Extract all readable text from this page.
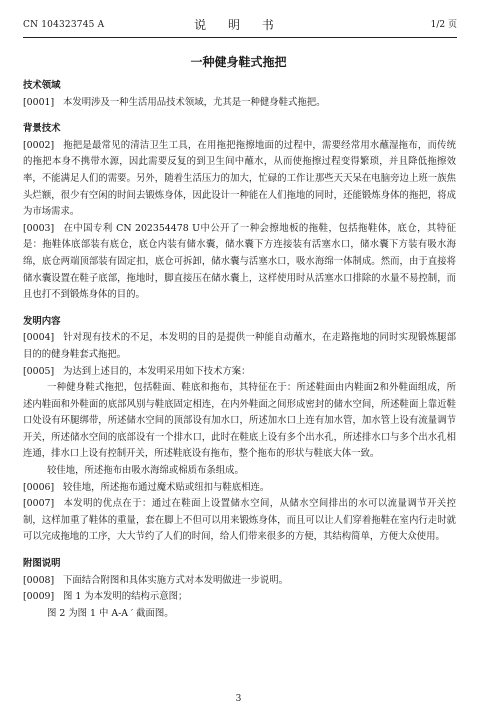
CN 104323745 A	说 明 书	1/2 页
一种健身鞋式拖把
技术领域
[0001] 本发明涉及一种生活用品技术领域，尤其是一种健身鞋式拖把。
背景技术
[0002] 拖把是最常见的清洁卫生工具，在用拖把拖擦地面的过程中，需要经常用水蘸湿拖布，而传统的拖把本身不携带水源，因此需要反复的到卫生间中蘸水，从而使拖擦过程变得繁琐，并且降低拖擦效率，不能满足人们的需要。另外，随着生活压力的加大，忙碌的工作让那些天天呆在电脑旁边上班一族焦头烂额，很少有空闲的时间去锻炼身体，因此设计一种能在人们拖地的同时，还能锻炼身体的拖把，将成为市场需求。
[0003] 在中国专利 CN 202354478 U中公开了一种会擦地板的拖鞋，包括拖鞋体，底仓，其特征是：拖鞋体底部装有底仓，底仓内装有储水囊，储水囊下方连接装有活塞水口，储水囊下方装有吸水海绵，底仓两端顶部装有固定扣，底仓可拆卸，储水囊与活塞水口，吸水海绵一体制成。然而，由于直接将储水囊设置在鞋子底部，拖地时，脚直接压在储水囊上，这样使用时从活塞水口排除的水量不易控制，而且也打不到锻炼身体的目的。
发明内容
[0004] 针对现有技术的不足，本发明的目的是提供一种能自动蘸水，在走路拖地的同时实现锻炼腿部目的的健身鞋套式拖把。
[0005] 为达到上述目的，本发明采用如下技术方案：
一种健身鞋式拖把，包括鞋面、鞋底和拖布，其特征在于：所述鞋面由内鞋面2和外鞋面组成，所述内鞋面和外鞋面的底部风别与鞋底固定相连，在内外鞋面之间形成密封的储水空间，所述鞋面上靠近鞋口处设有环腿绑带，所述储水空间的顶部设有加水口，所述加水口上连有加水管，加水管上设有流量调节开关，所述储水空间的底部设有一个排水口，此时在鞋底上设有多个出水孔，所述排水口与多个出水孔相连通，排水口上设有控制开关，所述鞋底设有拖布，整个拖布的形状与鞋底大体一致。
较佳地，所述拖布由吸水海绵或棉质布条组成。
[0006] 较佳地，所述拖布通过魔术贴或纽扣与鞋底相连。
[0007] 本发明的优点在于：通过在鞋面上设置储水空间，从储水空间排出的水可以流量调节开关控制，这样加重了鞋体的重量，套在脚上不但可以用来锻炼身体，而且可以让人们穿着拖鞋在室内行走时就可以完成拖地的工序，大大节约了人们的时间，给人们带来很多的方便，其结构简单，方便大众使用。
附图说明
[0008] 下面结合附图和具体实施方式对本发明做进一步说明。
[0009] 图 1 为本发明的结构示意图；
图 2 为图 1 中 A-A ′ 截面图。
3
